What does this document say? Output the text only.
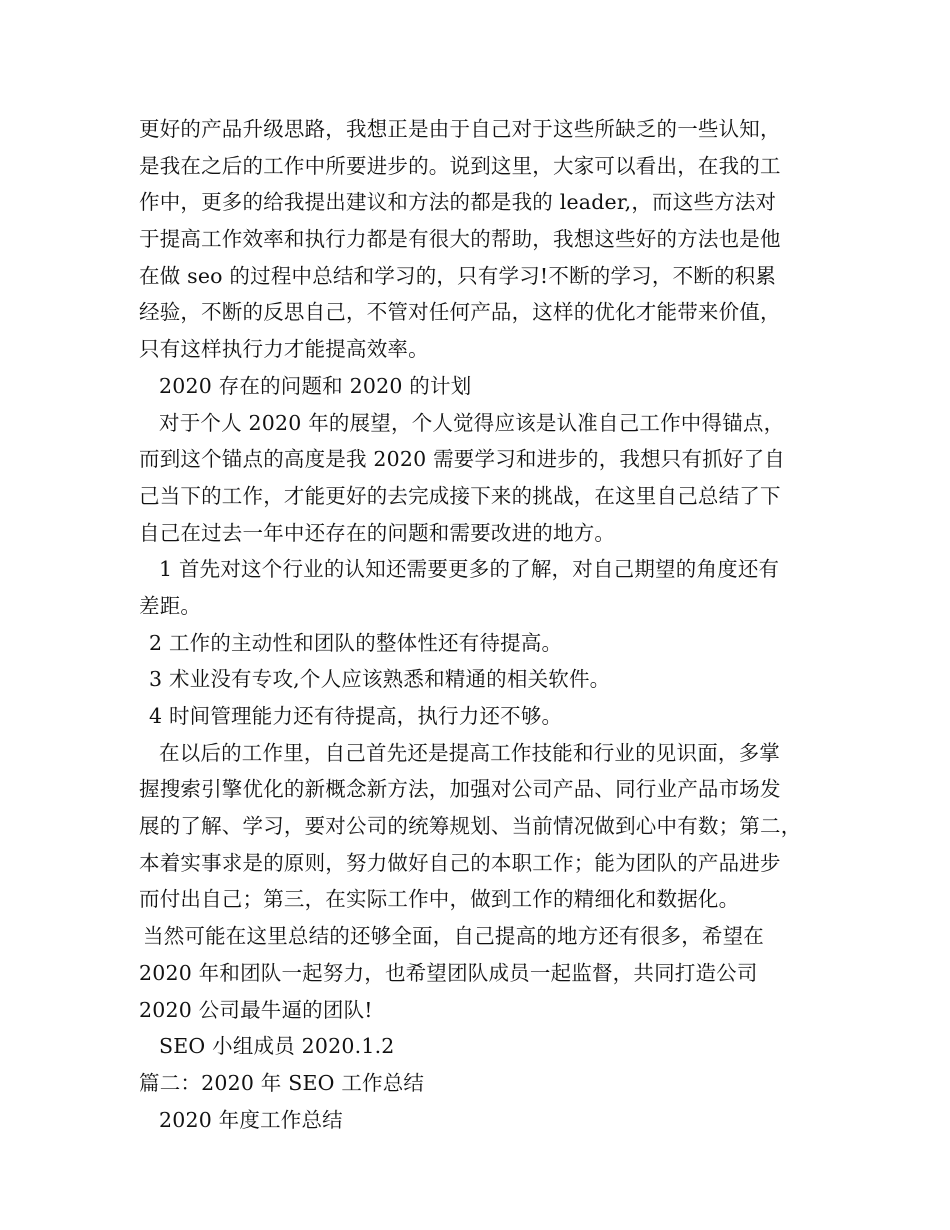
更好的产品升级思路，我想正是由于自己对于这些所缺乏的一些认知，
是我在之后的工作中所要进步的。说到这里，大家可以看出，在我的工
作中，更多的给我提出建议和方法的都是我的 leader,，而这些方法对
于提高工作效率和执行力都是有很大的帮助，我想这些好的方法也是他
在做 seo 的过程中总结和学习的，只有学习!不断的学习，不断的积累
经验，不断的反思自己，不管对任何产品，这样的优化才能带来价值，
只有这样执行力才能提高效率。
2020 存在的问题和 2020 的计划
对于个人 2020 年的展望，个人觉得应该是认准自己工作中得锚点，
而到这个锚点的高度是我 2020 需要学习和进步的，我想只有抓好了自
己当下的工作，才能更好的去完成接下来的挑战，在这里自己总结了下
自己在过去一年中还存在的问题和需要改进的地方。
1 首先对这个行业的认知还需要更多的了解，对自己期望的角度还有
差距。
2 工作的主动性和团队的整体性还有待提高。
3 术业没有专攻,个人应该熟悉和精通的相关软件。
4 时间管理能力还有待提高，执行力还不够。
在以后的工作里，自己首先还是提高工作技能和行业的见识面，多掌
握搜索引擎优化的新概念新方法，加强对公司产品、同行业产品市场发
展的了解、学习，要对公司的统筹规划、当前情况做到心中有数；第二，
本着实事求是的原则，努力做好自己的本职工作；能为团队的产品进步
而付出自己；第三，在实际工作中，做到工作的精细化和数据化。
当然可能在这里总结的还够全面，自己提高的地方还有很多，希望在
2020 年和团队一起努力，也希望团队成员一起监督，共同打造公司
2020 公司最牛逼的团队!
SEO 小组成员 2020.1.2
篇二：2020 年 SEO 工作总结
2020 年度工作总结
